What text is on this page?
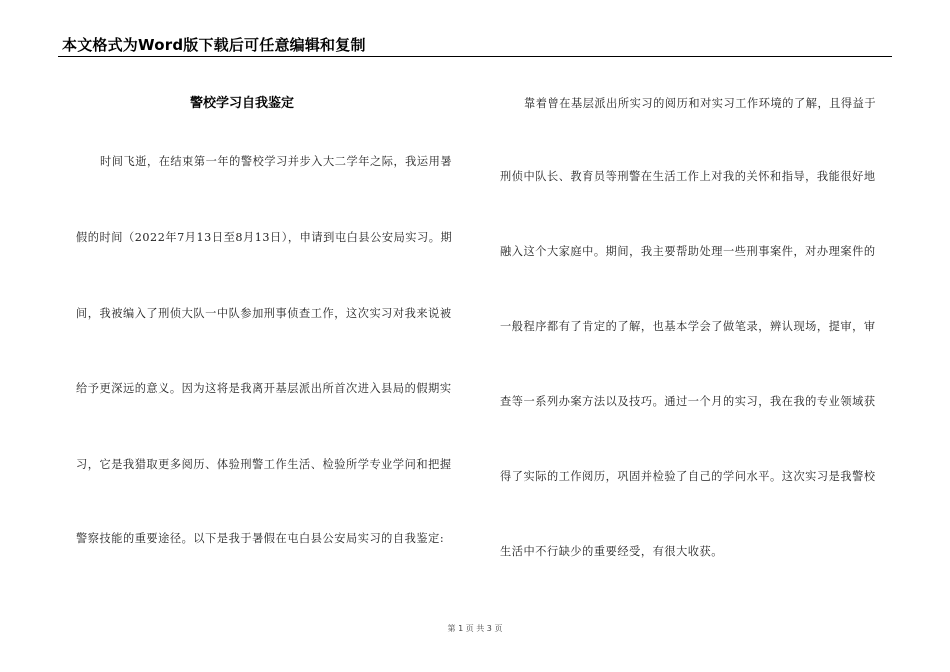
本文格式为Word版下载后可任意编辑和复制
警校学习自我鉴定
时间飞逝，在结束第一年的警校学习并步入大二学年之际，我运用暑
假的时间（2022年7月13日至8月13日），申请到屯白县公安局实习。期
间，我被编入了刑侦大队一中队参加刑事侦查工作，这次实习对我来说被
给予更深远的意义。因为这将是我离开基层派出所首次进入县局的假期实
习，它是我猎取更多阅历、体验刑警工作生活、检验所学专业学问和把握
警察技能的重要途径。以下是我于暑假在屯白县公安局实习的自我鉴定:
靠着曾在基层派出所实习的阅历和对实习工作环境的了解，且得益于
刑侦中队长、教育员等刑警在生活工作上对我的关怀和指导，我能很好地
融入这个大家庭中。期间，我主要帮助处理一些刑事案件，对办理案件的
一般程序都有了肯定的了解，也基本学会了做笔录，辨认现场，提审，审
查等一系列办案方法以及技巧。通过一个月的实习，我在我的专业领域获
得了实际的工作阅历，巩固并检验了自己的学问水平。这次实习是我警校
生活中不行缺少的重要经受，有很大收获。
第 1 页 共 3 页
